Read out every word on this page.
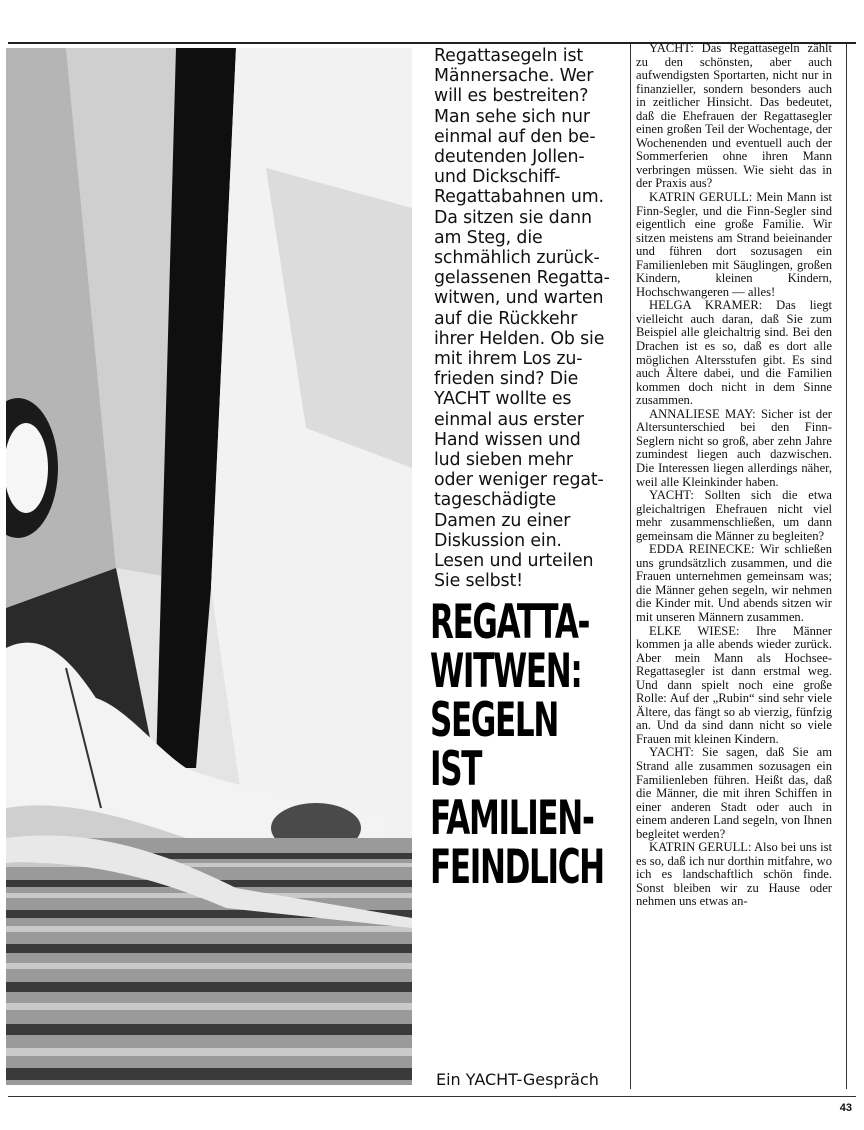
Regattasegeln ist

Männersache. Wer

will es bestreiten?

Man sehe sich nur

einmal auf den be-

deutenden Jollen-

und Dickschiff-

Regattabahnen um.

Da sitzen sie dann

am Steg, die

schmählich zurück-

gelassenen Regatta-

witwen, und warten

auf die Rückkehr

ihrer Helden. Ob sie

mit ihrem Los zu-

frieden sind? Die

YACHT wollte es

einmal aus erster

Hand wissen und

lud sieben mehr

oder weniger regat-

tageschädigte

Damen zu einer

Diskussion ein.

Lesen und urteilen

Sie selbst!

REGATTA-
WITWEN:
SEGELN
IST
FAMILIEN-
FEINDLICH
Ein YACHT-Gespräch

YACHT: Das Regattasegeln zählt zu den schönsten, aber auch aufwendigsten Sportarten, nicht nur in finanzieller, sondern besonders auch in zeitlicher Hinsicht. Das bedeutet, daß die Ehefrauen der Regattasegler einen großen Teil der Wochentage, der Wochenenden und eventuell auch der Sommerferien ohne ihren Mann verbringen müssen. Wie sieht das in der Praxis aus?

KATRIN GERULL: Mein Mann ist Finn-Segler, und die Finn-Segler sind eigentlich eine große Familie. Wir sitzen meistens am Strand beieinander und führen dort sozusagen ein Familienleben mit Säuglingen, großen Kindern, kleinen Kindern, Hochschwangeren — alles!

HELGA KRAMER: Das liegt vielleicht auch daran, daß Sie zum Beispiel alle gleichaltrig sind. Bei den Drachen ist es so, daß es dort alle möglichen Altersstufen gibt. Es sind auch Ältere dabei, und die Familien kommen doch nicht in dem Sinne zusammen.

ANNALIESE MAY: Sicher ist der Altersunterschied bei den Finn-Seglern nicht so groß, aber zehn Jahre zumindest liegen auch dazwischen. Die Interessen liegen allerdings näher, weil alle Kleinkinder haben.

YACHT: Sollten sich die etwa gleichaltrigen Ehefrauen nicht viel mehr zusammenschließen, um dann gemeinsam die Männer zu begleiten?

EDDA REINECKE: Wir schließen uns grundsätzlich zusammen, und die Frauen unternehmen gemeinsam was; die Männer gehen segeln, wir nehmen die Kinder mit. Und abends sitzen wir mit unseren Männern zusammen.

ELKE WIESE: Ihre Männer kommen ja alle abends wieder zurück. Aber mein Mann als Hochsee-Regattasegler ist dann erstmal weg. Und dann spielt noch eine große Rolle: Auf der „Rubin“ sind sehr viele Ältere, das fängt so ab vierzig, fünfzig an. Und da sind dann nicht so viele Frauen mit kleinen Kindern.

YACHT: Sie sagen, daß Sie am Strand alle zusammen sozusagen ein Familienleben führen. Heißt das, daß die Männer, die mit ihren Schiffen in einer anderen Stadt oder auch in einem anderen Land segeln, von Ihnen begleitet werden?

KATRIN GERULL: Also bei uns ist es so, daß ich nur dorthin mitfahre, wo ich es landschaftlich schön finde. Sonst bleiben wir zu Hause oder nehmen uns etwas an-

43
